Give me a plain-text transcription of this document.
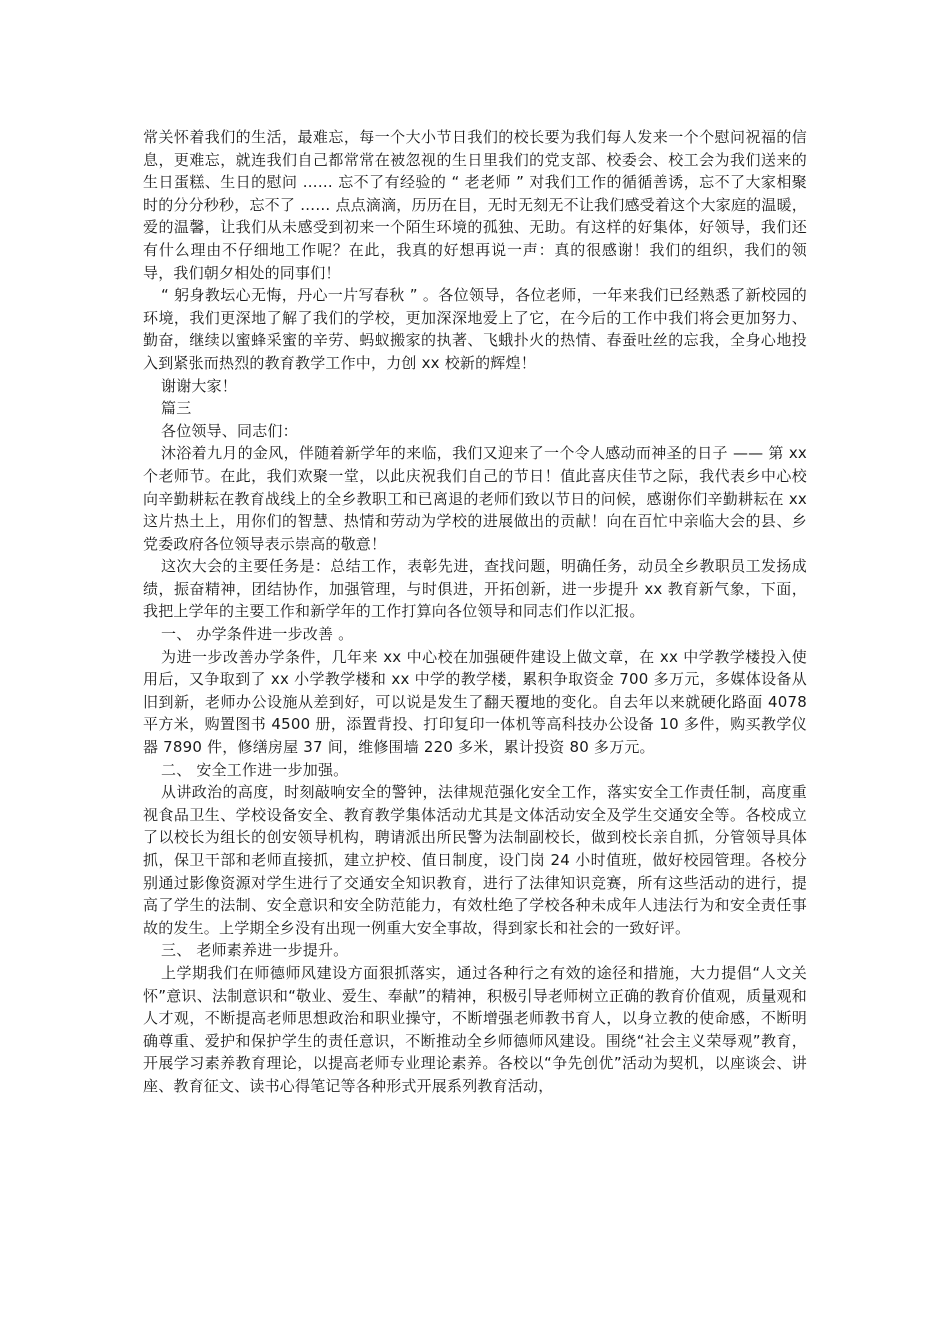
常关怀着我们的生活，最难忘，每一个大小节日我们的校长要为我们每人发来一个个慰问祝福的信息，更难忘，就连我们自己都常常在被忽视的生日里我们的党支部、校委会、校工会为我们送来的生日蛋糕、生日的慰问 …… 忘不了有经验的 “ 老老师 ” 对我们工作的循循善诱，忘不了大家相聚时的分分秒秒，忘不了 …… 点点滴滴，历历在目，无时无刻无不让我们感受着这个大家庭的温暖，爱的温馨，让我们从未感受到初来一个陌生环境的孤独、无助。有这样的好集体，好领导，我们还有什么理由不仔细地工作呢？在此，我真的好想再说一声：真的很感谢！我们的组织，我们的领导，我们朝夕相处的同事们！

“ 躬身教坛心无悔，丹心一片写春秋 ” 。各位领导，各位老师，一年来我们已经熟悉了新校园的环境，我们更深地了解了我们的学校，更加深深地爱上了它，在今后的工作中我们将会更加努力、勤奋，继续以蜜蜂采蜜的辛劳、蚂蚁搬家的执著、飞蛾扑火的热情、春蚕吐丝的忘我，全身心地投入到紧张而热烈的教育教学工作中，力创 xx 校新的辉煌！

谢谢大家！

篇三

各位领导、同志们：

沐浴着九月的金风，伴随着新学年的来临，我们又迎来了一个令人感动而神圣的日子 —— 第 xx 个老师节。在此，我们欢聚一堂，以此庆祝我们自己的节日！值此喜庆佳节之际，我代表乡中心校向辛勤耕耘在教育战线上的全乡教职工和已离退的老师们致以节日的问候，感谢你们辛勤耕耘在 xx 这片热土上，用你们的智慧、热情和劳动为学校的进展做出的贡献！向在百忙中亲临大会的县、乡党委政府各位领导表示崇高的敬意！

这次大会的主要任务是：总结工作，表彰先进，查找问题，明确任务，动员全乡教职员工发扬成绩，振奋精神，团结协作，加强管理，与时俱进，开拓创新，进一步提升 xx 教育新气象，下面，我把上学年的主要工作和新学年的工作打算向各位领导和同志们作以汇报。

一、 办学条件进一步改善 。

为进一步改善办学条件，几年来 xx 中心校在加强硬件建设上做文章，在 xx 中学教学楼投入使用后，又争取到了 xx 小学教学楼和 xx 中学的教学楼，累积争取资金 700 多万元，多媒体设备从旧到新，老师办公设施从差到好，可以说是发生了翻天覆地的变化。自去年以来就硬化路面 4078 平方米，购置图书 4500 册，添置背投、打印复印一体机等高科技办公设备 10 多件，购买教学仪器 7890 件，修缮房屋 37 间，维修围墙 220 多米，累计投资 80 多万元。

二、 安全工作进一步加强。

从讲政治的高度，时刻敲响安全的警钟，法律规范强化安全工作，落实安全工作责任制，高度重视食品卫生、学校设备安全、教育教学集体活动尤其是文体活动安全及学生交通安全等。各校成立了以校长为组长的创安领导机构，聘请派出所民警为法制副校长，做到校长亲自抓，分管领导具体抓，保卫干部和老师直接抓，建立护校、值日制度，设门岗 24 小时值班，做好校园管理。各校分别通过影像资源对学生进行了交通安全知识教育，进行了法律知识竞赛，所有这些活动的进行，提高了学生的法制、安全意识和安全防范能力，有效杜绝了学校各种未成年人违法行为和安全责任事故的发生。上学期全乡没有出现一例重大安全事故，得到家长和社会的一致好评。

三、 老师素养进一步提升。

上学期我们在师德师风建设方面狠抓落实，通过各种行之有效的途径和措施，大力提倡“人文关怀”意识、法制意识和“敬业、爱生、奉献”的精神，积极引导老师树立正确的教育价值观，质量观和人才观，不断提高老师思想政治和职业操守，不断增强老师教书育人，以身立教的使命感，不断明确尊重、爱护和保护学生的责任意识，不断推动全乡师德师风建设。围绕“社会主义荣辱观”教育，开展学习素养教育理论，以提高老师专业理论素养。各校以“争先创优”活动为契机，以座谈会、讲座、教育征文、读书心得笔记等各种形式开展系列教育活动，
